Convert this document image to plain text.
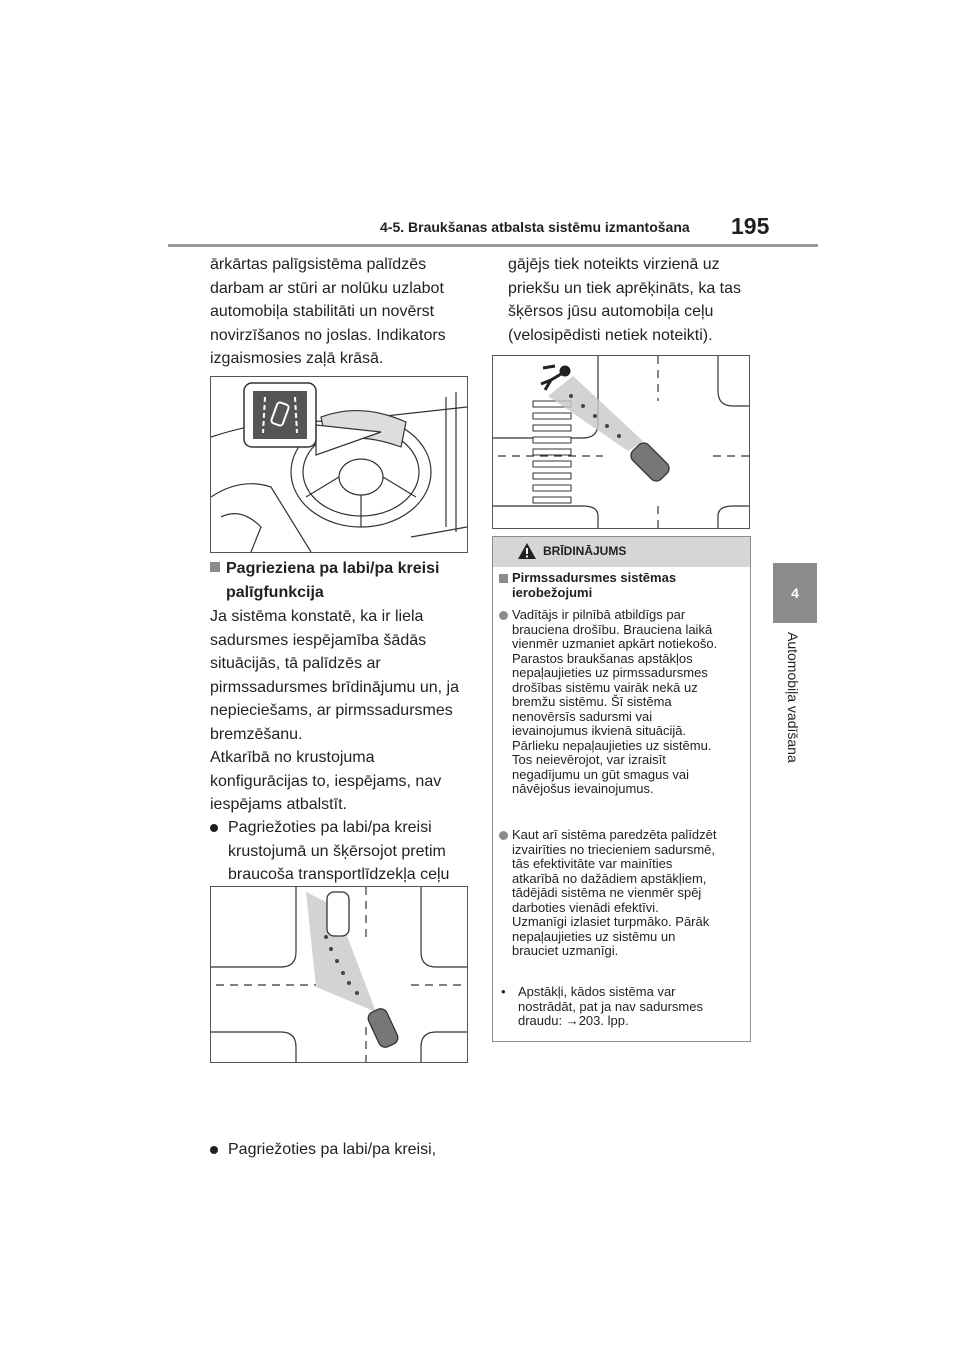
4-5. Braukšanas atbalsta sistēmu izmantošana 195
4
Automobiļa vadīšana
ārkārtas palīgsistēma palīdzēs
darbam ar stūri ar nolūku uzlabot
automobiļa stabilitāti un novērst
novirzīšanos no joslas. Indikators
izgaismosies zaļā krāsā.
Pagrieziena pa labi/pa kreisi
palīgfunkcija
Ja sistēma konstatē, ka ir liela
sadursmes iespējamība šādās
situācijās, tā palīdzēs ar
pirmssadursmes brīdinājumu un, ja
nepieciešams, ar pirmssadursmes
bremzēšanu.
Atkarībā no krustojuma
konfigurācijas to, iespējams, nav
iespējams atbalstīt.
Pagriežoties pa labi/pa kreisi
krustojumā un šķērsojot pretim
braucoša transportlīdzekļa ceļu
Pagriežoties pa labi/pa kreisi,
gājējs tiek noteikts virzienā uz
priekšu un tiek aprēķināts, ka tas
šķērsos jūsu automobiļa ceļu
(velosipēdisti netiek noteikti).
BRĪDINĀJUMS
Pirmssadursmes sistēmas
ierobežojumi
Vadītājs ir pilnībā atbildīgs par
brauciena drošību. Brauciena laikā
vienmēr uzmaniet apkārt notiekošo.
Parastos braukšanas apstākļos
nepaļaujieties uz pirmssadursmes
drošības sistēmu vairāk nekā uz
bremžu sistēmu. Šī sistēma
nenovērsīs sadursmi vai
ievainojumus ikvienā situācijā.
Pārlieku nepaļaujieties uz sistēmu.
Tos neievērojot, var izraisīt
negadījumu un gūt smagus vai
nāvējošus ievainojumus.
Kaut arī sistēma paredzēta palīdzēt
izvairīties no triecieniem sadursmē,
tās efektivitāte var mainīties
atkarībā no dažādiem apstākļiem,
tādējādi sistēma ne vienmēr spēj
darboties vienādi efektīvi.
Uzmanīgi izlasiet turpmāko. Pārāk
nepaļaujieties uz sistēmu un
brauciet uzmanīgi.
• Apstākļi, kādos sistēma var
nostrādāt, pat ja nav sadursmes
draudu: →203. lpp.
